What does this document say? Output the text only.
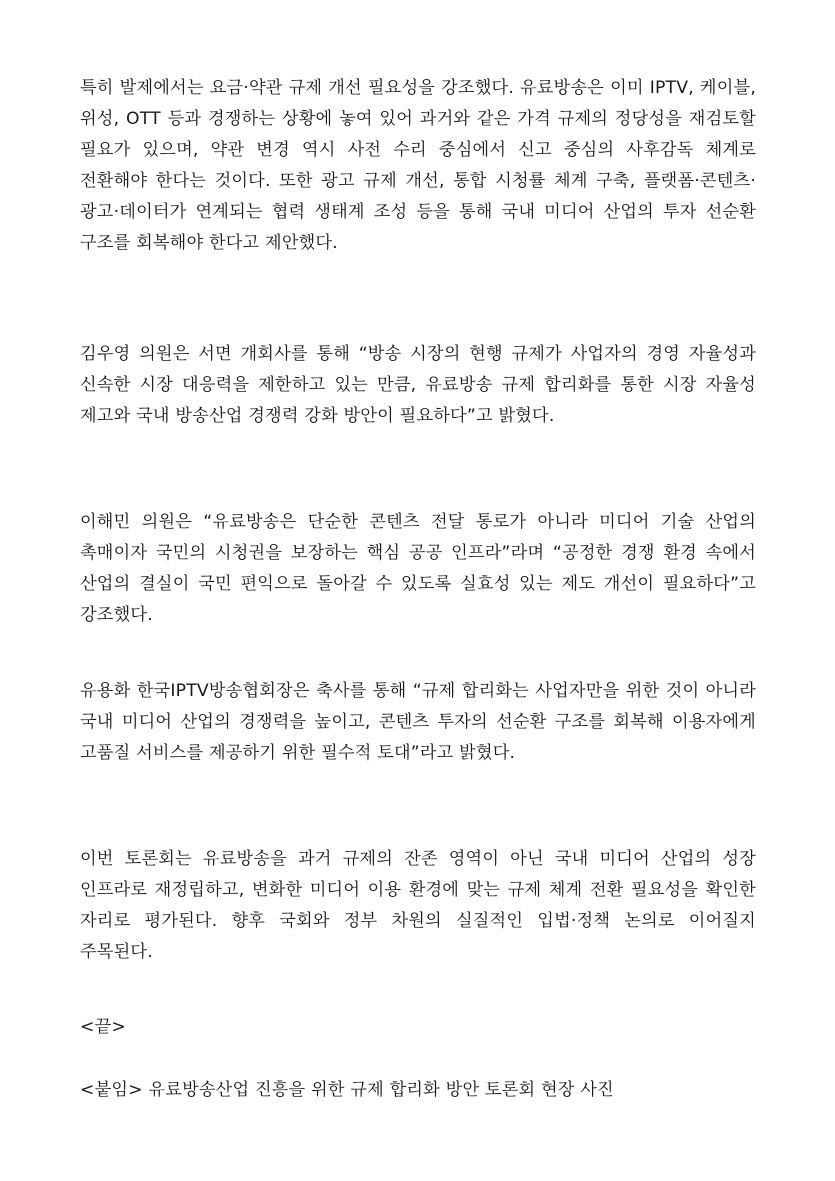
특히 발제에서는 요금·약관 규제 개선 필요성을 강조했다. 유료방송은 이미 IPTV, 케이블, 위성, OTT 등과 경쟁하는 상황에 놓여 있어 과거와 같은 가격 규제의 정당성을 재검토할 필요가 있으며, 약관 변경 역시 사전 수리 중심에서 신고 중심의 사후감독 체계로 전환해야 한다는 것이다. 또한 광고 규제 개선, 통합 시청률 체계 구축, 플랫폼·콘텐츠·광고·데이터가 연계되는 협력 생태계 조성 등을 통해 국내 미디어 산업의 투자 선순환 구조를 회복해야 한다고 제안했다.

김우영 의원은 서면 개회사를 통해 “방송 시장의 현행 규제가 사업자의 경영 자율성과 신속한 시장 대응력을 제한하고 있는 만큼, 유료방송 규제 합리화를 통한 시장 자율성 제고와 국내 방송산업 경쟁력 강화 방안이 필요하다”고 밝혔다.

이해민 의원은 “유료방송은 단순한 콘텐츠 전달 통로가 아니라 미디어 기술 산업의 촉매이자 국민의 시청권을 보장하는 핵심 공공 인프라”라며 “공정한 경쟁 환경 속에서 산업의 결실이 국민 편익으로 돌아갈 수 있도록 실효성 있는 제도 개선이 필요하다”고 강조했다.

유용화 한국IPTV방송협회장은 축사를 통해 “규제 합리화는 사업자만을 위한 것이 아니라 국내 미디어 산업의 경쟁력을 높이고, 콘텐츠 투자의 선순환 구조를 회복해 이용자에게 고품질 서비스를 제공하기 위한 필수적 토대”라고 밝혔다.

이번 토론회는 유료방송을 과거 규제의 잔존 영역이 아닌 국내 미디어 산업의 성장 인프라로 재정립하고, 변화한 미디어 이용 환경에 맞는 규제 체계 전환 필요성을 확인한 자리로 평가된다. 향후 국회와 정부 차원의 실질적인 입법·정책 논의로 이어질지 주목된다.

<끝>

<붙임> 유료방송산업 진흥을 위한 규제 합리화 방안 토론회 현장 사진
